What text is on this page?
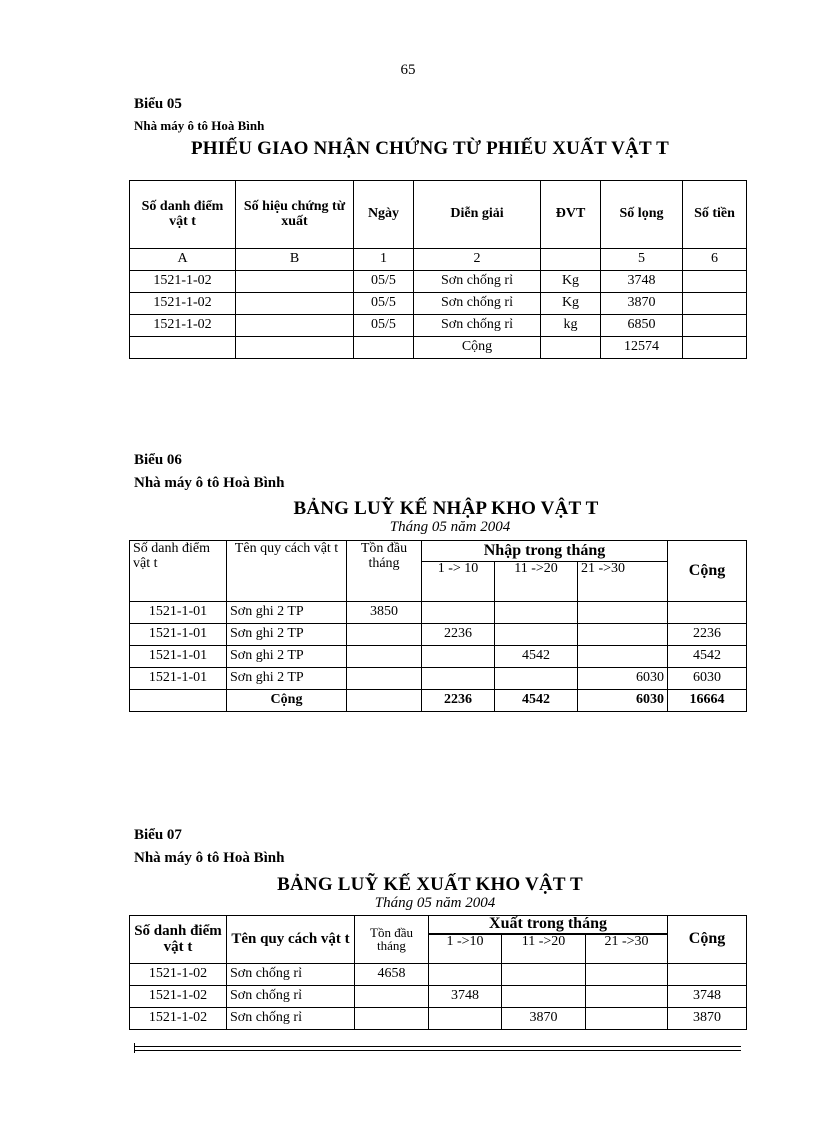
65
Biểu 05
Nhà máy ô tô Hoà Bình
PHIẾU GIAO NHẬN CHỨNG TỪ PHIẾU XUẤT VẬT T
Số danh điểm vật t	Số hiệu chứng từ xuất	Ngày	Diễn giải	ĐVT	Số lọng	Số tiền
A	B	1	2		5	6
1521-1-02		05/5	Sơn chống rỉ	Kg	3748	
1521-1-02		05/5	Sơn chống rỉ	Kg	3870	
1521-1-02		05/5	Sơn chống rỉ	kg	6850	
			Cộng		12574	
Biểu 06
Nhà máy ô tô Hoà Bình
BẢNG LUỸ KẾ NHẬP KHO VẬT T
Tháng 05 năm 2004
Số danh điểm vật t	Tên quy cách vật t	Tồn đầu tháng	Nhập trong tháng			Cộng
			1 -> 10	11 ->20	21 ->30	
1521-1-01	Sơn ghi 2 TP	3850				
1521-1-01	Sơn ghi 2 TP		2236			2236
1521-1-01	Sơn ghi 2 TP			4542		4542
1521-1-01	Sơn ghi 2 TP				6030	6030
	Cộng		2236	4542	6030	16664
Biểu 07
Nhà máy ô tô Hoà Bình
BẢNG LUỸ KẾ XUẤT KHO VẬT T
Tháng 05 năm 2004
Số danh điểm vật t	Tên quy cách vật t	Tồn đầu tháng	Xuất trong tháng			Cộng
			1 ->10	11 ->20	21 ->30	
1521-1-02	Sơn chống rỉ	4658				
1521-1-02	Sơn chống rỉ		3748			3748
1521-1-02	Sơn chống rỉ			3870		3870
